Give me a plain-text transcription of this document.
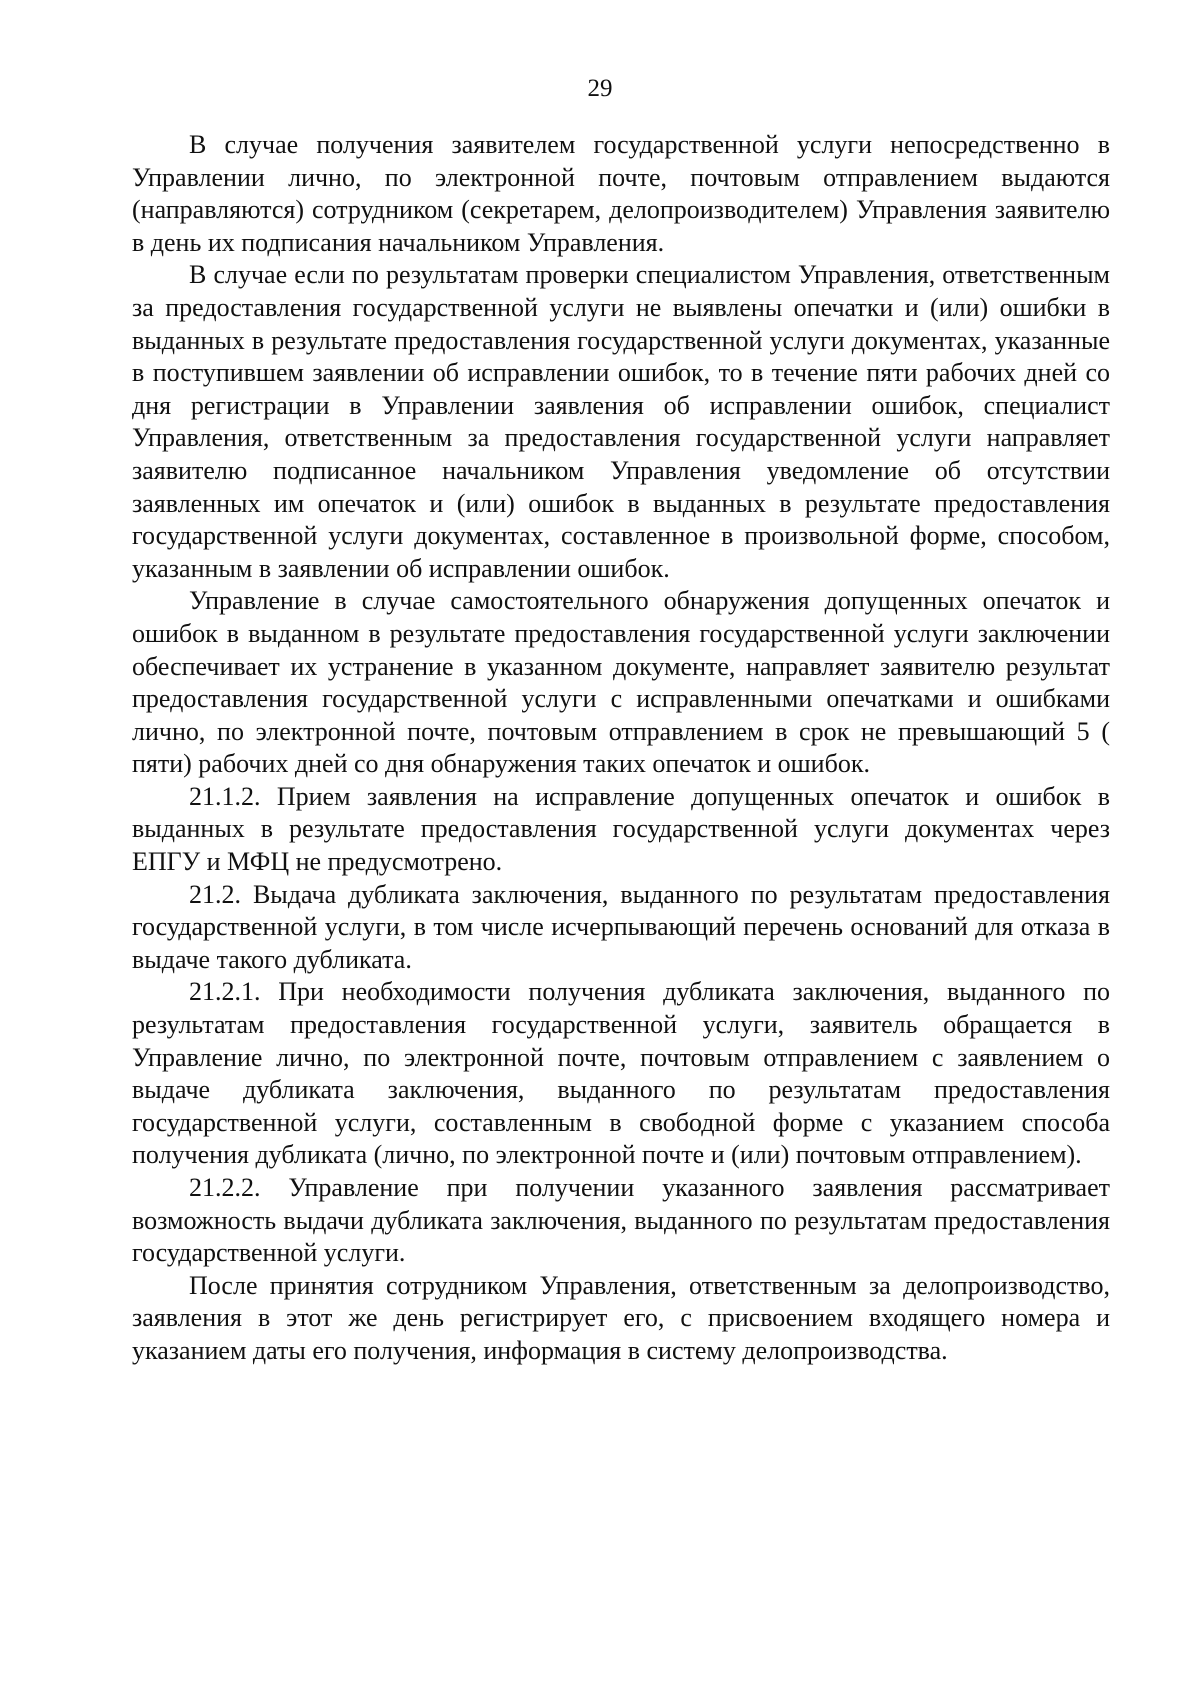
29

В случае получения заявителем государственной услуги непосредственно в Управлении лично, по электронной почте, почтовым отправлением выдаются (направляются) сотрудником (секретарем, делопроизводителем) Управления заявителю в день их подписания начальником Управления.

В случае если по результатам проверки специалистом Управления, ответственным за предоставления государственной услуги не выявлены опечатки и (или) ошибки в выданных в результате предоставления государственной услуги документах, указанные в поступившем заявлении об исправлении ошибок, то в течение пяти рабочих дней со дня регистрации в Управлении заявления об исправлении ошибок, специалист Управления, ответственным за предоставления государственной услуги направляет заявителю подписанное начальником Управления уведомление об отсутствии заявленных им опечаток и (или) ошибок в выданных в результате предоставления государственной услуги документах, составленное в произвольной форме, способом, указанным в заявлении об исправлении ошибок.

Управление в случае самостоятельного обнаружения допущенных опечаток и ошибок в выданном в результате предоставления государственной услуги заключении обеспечивает их устранение в указанном документе, направляет заявителю результат предоставления государственной услуги с исправленными опечатками и ошибками лично, по электронной почте, почтовым отправлением в срок не превышающий 5 ( пяти) рабочих дней со дня обнаружения таких опечаток и ошибок.

21.1.2. Прием заявления на исправление допущенных опечаток и ошибок в выданных в результате предоставления государственной услуги документах через ЕПГУ и МФЦ не предусмотрено.

21.2. Выдача дубликата заключения, выданного по результатам предоставления государственной услуги, в том числе исчерпывающий перечень оснований для отказа в выдаче такого дубликата.

21.2.1. При необходимости получения дубликата заключения, выданного по результатам предоставления государственной услуги, заявитель обращается в Управление лично, по электронной почте, почтовым отправлением с заявлением о выдаче дубликата заключения, выданного по результатам предоставления государственной услуги, составленным в свободной форме с указанием способа получения дубликата (лично, по электронной почте и (или) почтовым отправлением).

21.2.2. Управление при получении указанного заявления рассматривает возможность выдачи дубликата заключения, выданного по результатам предоставления государственной услуги.

После принятия сотрудником Управления, ответственным за делопроизводство, заявления в этот же день регистрирует его, с присвоением входящего номера и указанием даты его получения, информация в систему делопроизводства.
